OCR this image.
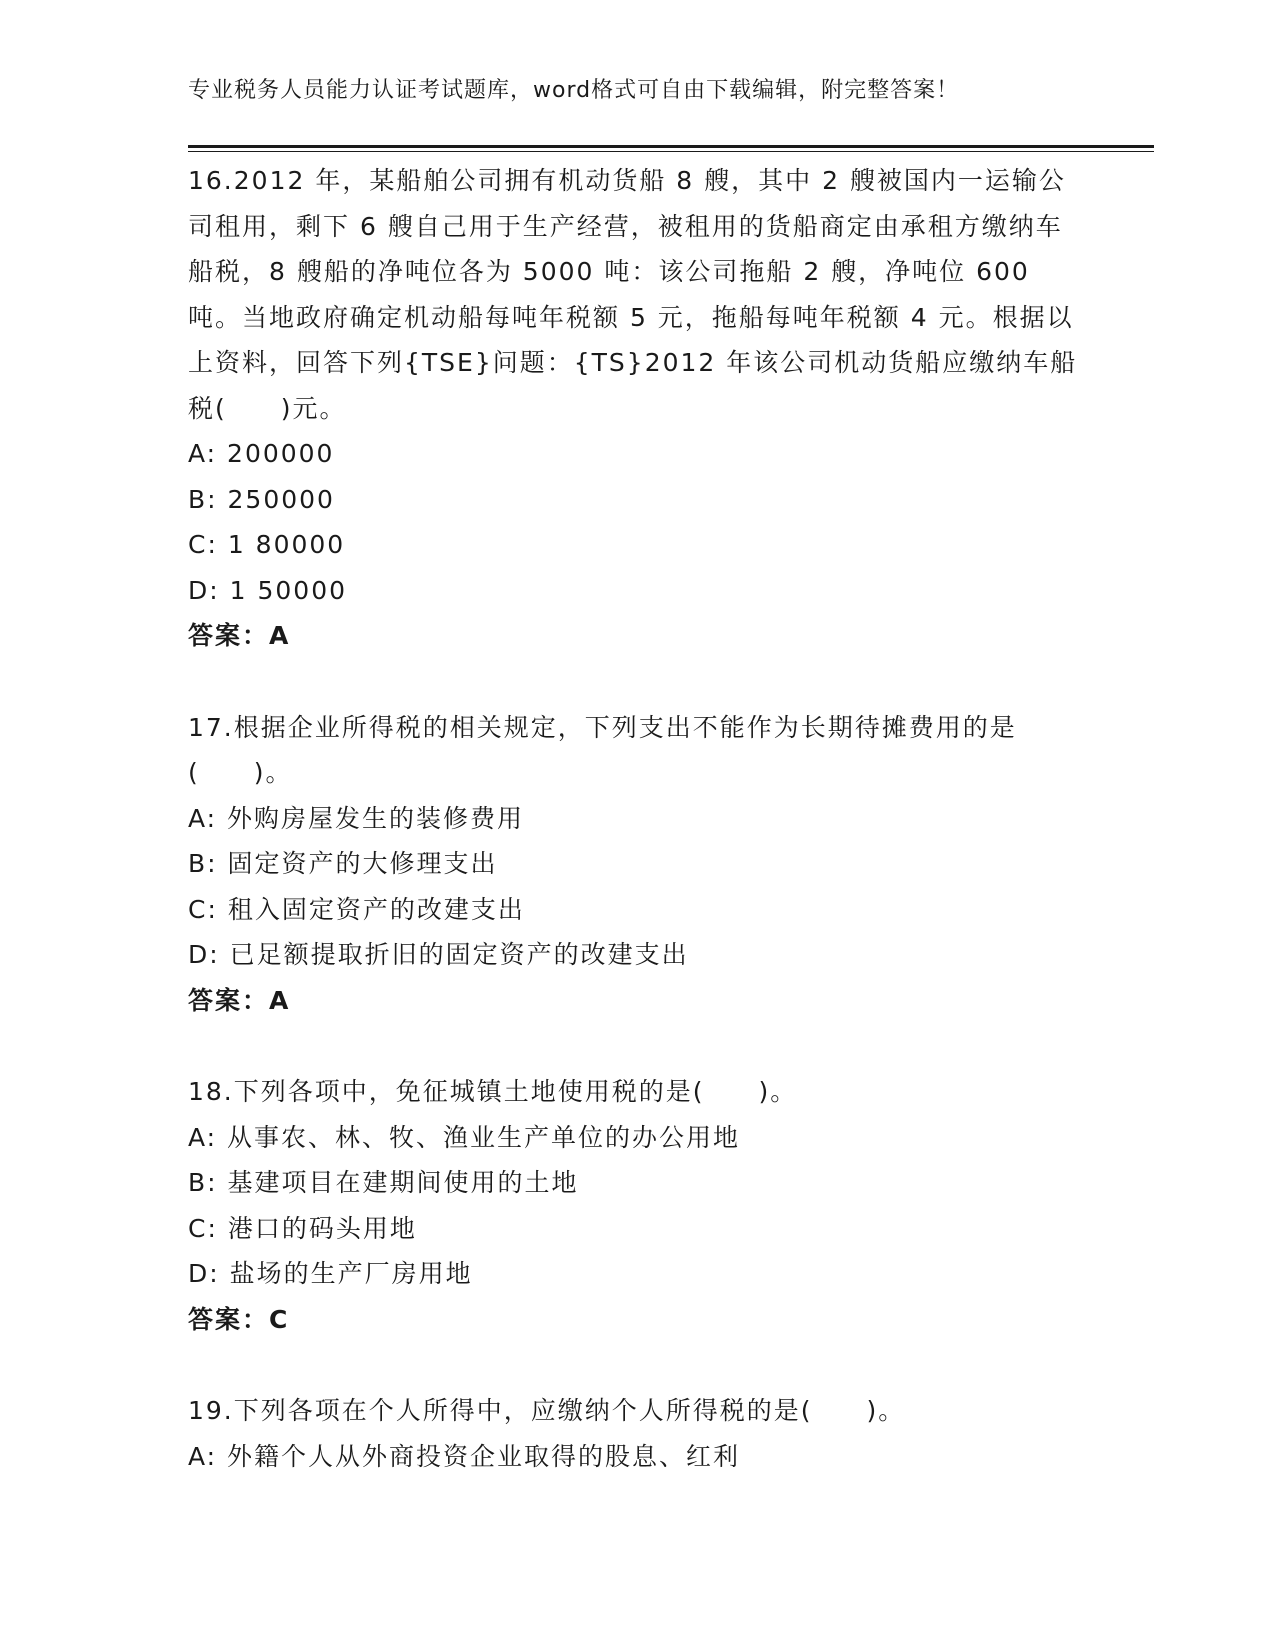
专业税务人员能力认证考试题库，word格式可自由下载编辑，附完整答案！

16.2012 年，某船舶公司拥有机动货船 8 艘，其中 2 艘被国内一运输公司租用，剩下 6 艘自己用于生产经营，被租用的货船商定由承租方缴纳车船税，8 艘船的净吨位各为 5000 吨：该公司拖船 2 艘，净吨位 600 吨。当地政府确定机动船每吨年税额 5 元，拖船每吨年税额 4 元。根据以上资料，回答下列{TSE}问题：{TS}2012 年该公司机动货船应缴纳车船税(　　)元。

A: 200000

B: 250000

C: 1 80000

D: 1 50000

答案：A

17.根据企业所得税的相关规定，下列支出不能作为长期待摊费用的是(　　)。

A: 外购房屋发生的装修费用

B: 固定资产的大修理支出

C: 租入固定资产的改建支出

D: 已足额提取折旧的固定资产的改建支出

答案：A

18.下列各项中，免征城镇土地使用税的是(　　)。

A: 从事农、林、牧、渔业生产单位的办公用地

B: 基建项目在建期间使用的土地

C: 港口的码头用地

D: 盐场的生产厂房用地

答案：C

19.下列各项在个人所得中，应缴纳个人所得税的是(　　)。

A: 外籍个人从外商投资企业取得的股息、红利
